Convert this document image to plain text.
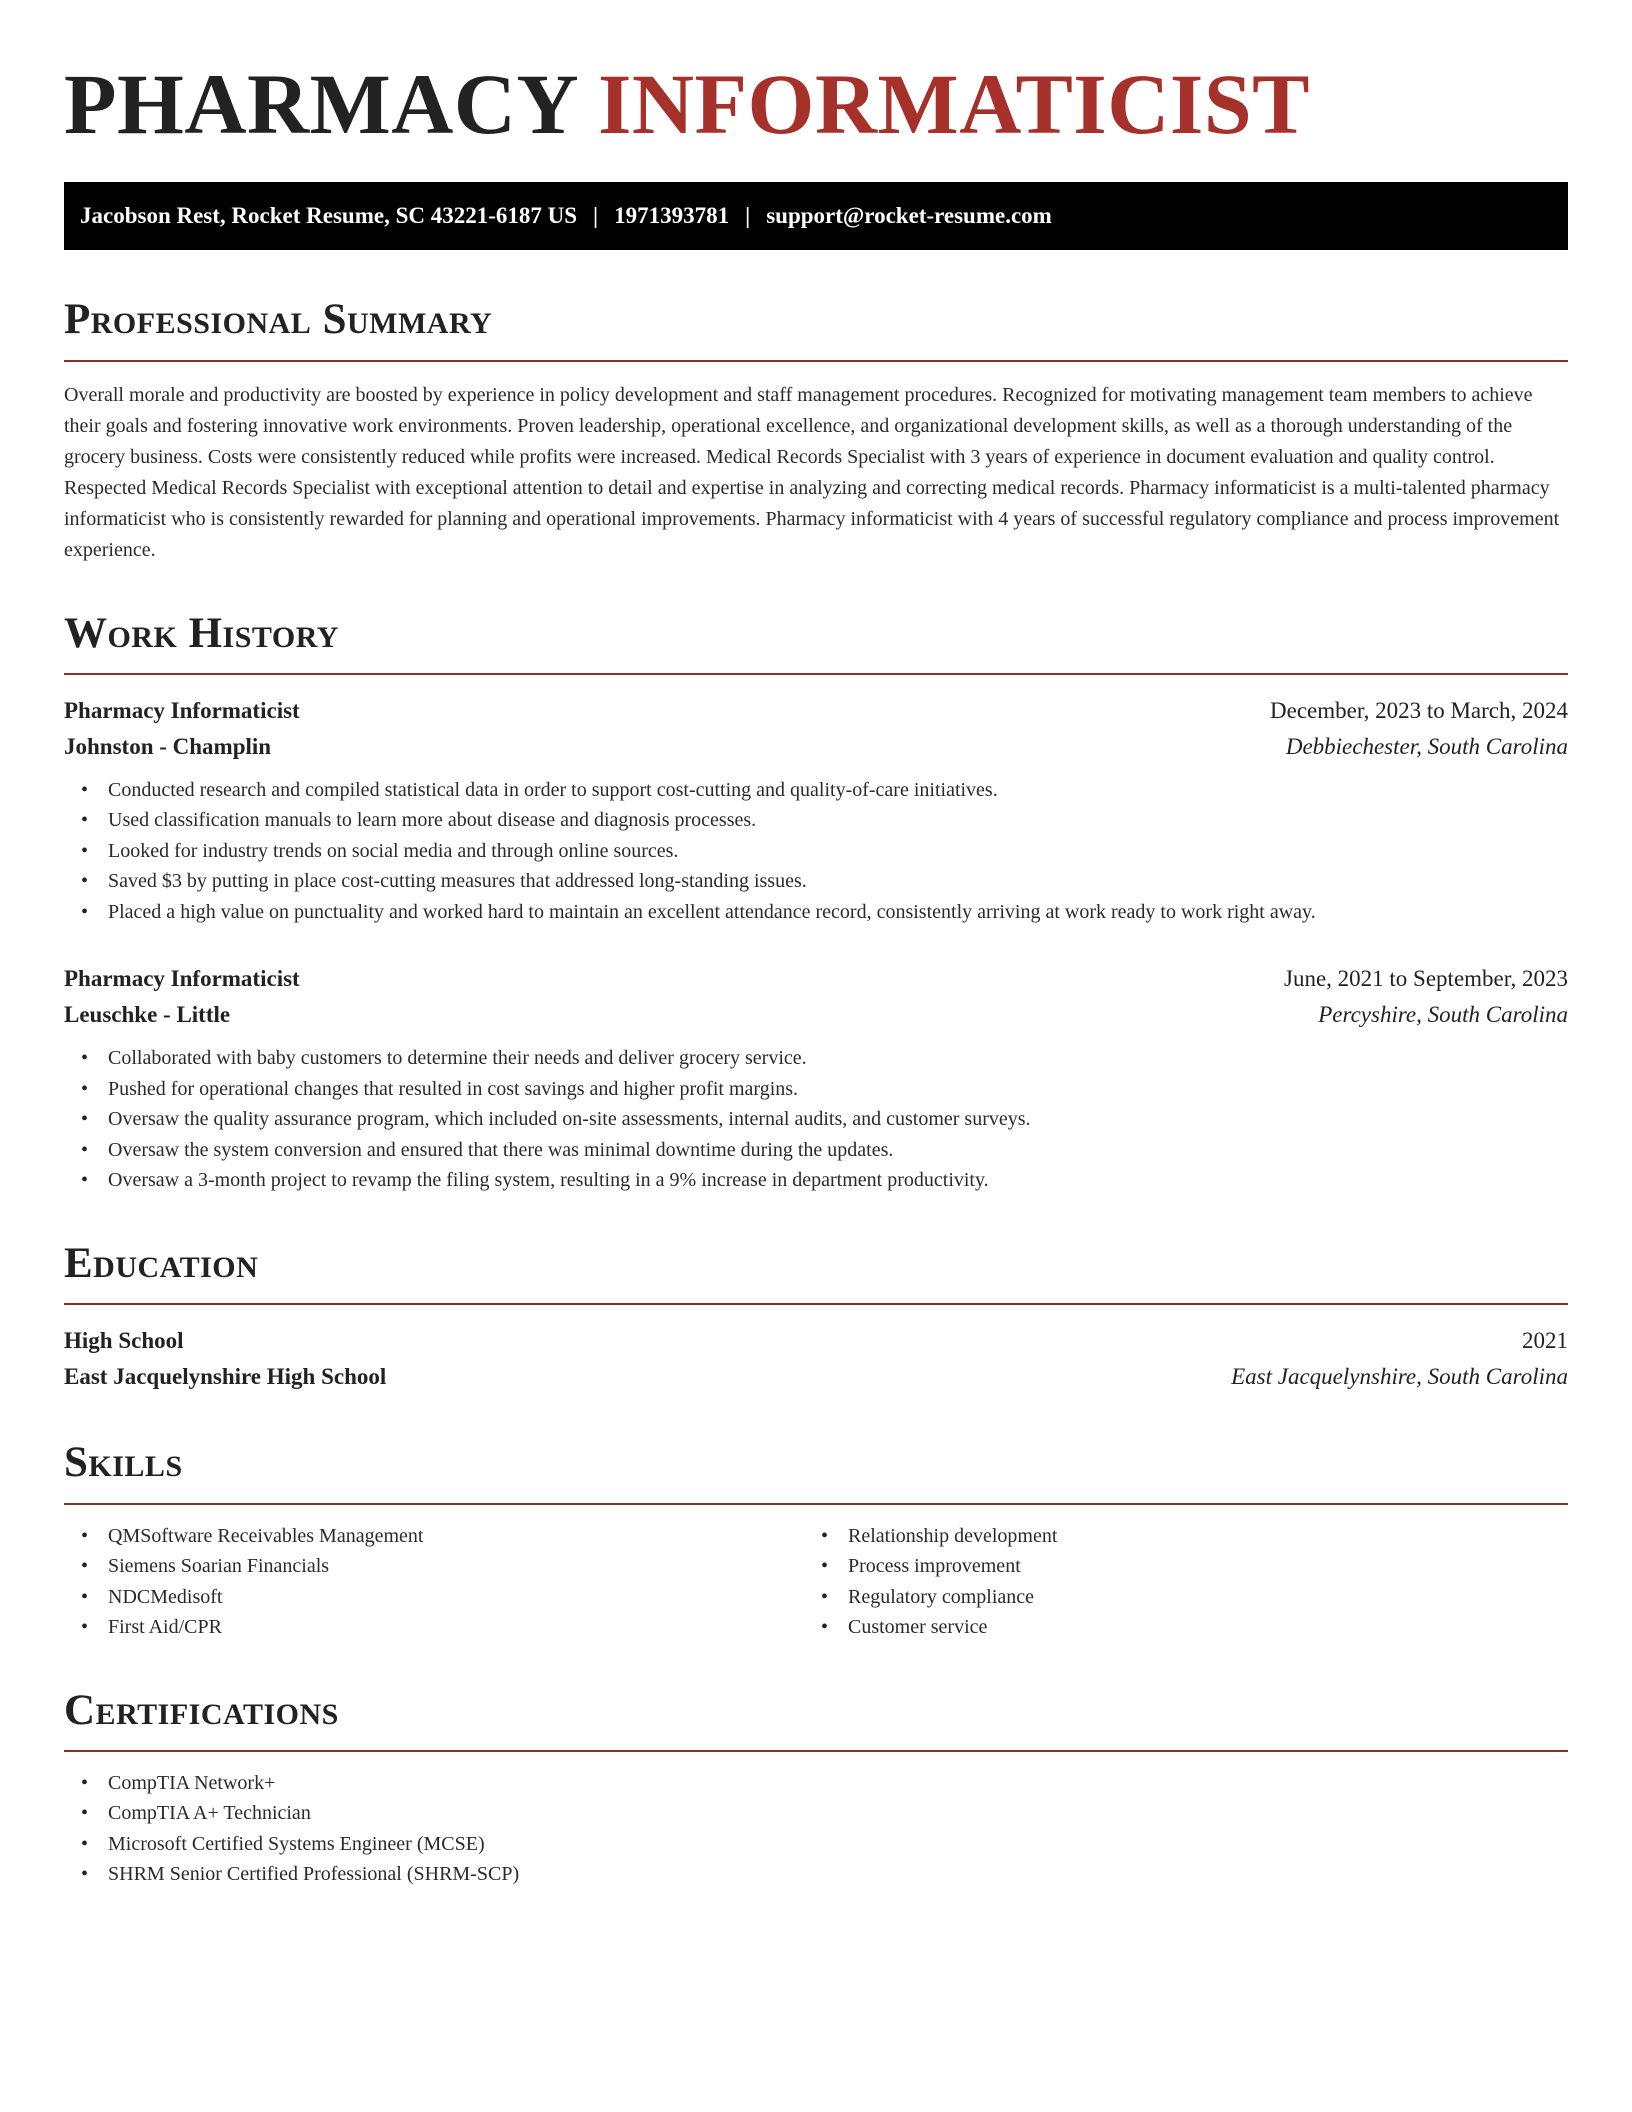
PHARMACY INFORMATICIST
Jacobson Rest, Rocket Resume, SC 43221-6187 US | 1971393781 | support@rocket-resume.com
Professional Summary

Overall morale and productivity are boosted by experience in policy development and staff management procedures. Recognized for motivating management team members to achieve their goals and fostering innovative work environments. Proven leadership, operational excellence, and organizational development skills, as well as a thorough understanding of the grocery business. Costs were consistently reduced while profits were increased. Medical Records Specialist with 3 years of experience in document evaluation and quality control. Respected Medical Records Specialist with exceptional attention to detail and expertise in analyzing and correcting medical records. Pharmacy informaticist is a multi-talented pharmacy informaticist who is consistently rewarded for planning and operational improvements. Pharmacy informaticist with 4 years of successful regulatory compliance and process improvement experience.

Work History
Pharmacy Informaticist	December, 2023 to March, 2024
Johnston - Champlin	Debbiechester, South Carolina
• Conducted research and compiled statistical data in order to support cost-cutting and quality-of-care initiatives.
• Used classification manuals to learn more about disease and diagnosis processes.
• Looked for industry trends on social media and through online sources.
• Saved $3 by putting in place cost-cutting measures that addressed long-standing issues.
• Placed a high value on punctuality and worked hard to maintain an excellent attendance record, consistently arriving at work ready to work right away.
Pharmacy Informaticist	June, 2021 to September, 2023
Leuschke - Little	Percyshire, South Carolina
• Collaborated with baby customers to determine their needs and deliver grocery service.
• Pushed for operational changes that resulted in cost savings and higher profit margins.
• Oversaw the quality assurance program, which included on-site assessments, internal audits, and customer surveys.
• Oversaw the system conversion and ensured that there was minimal downtime during the updates.
• Oversaw a 3-month project to revamp the filing system, resulting in a 9% increase in department productivity.
Education
High School	2021
East Jacquelynshire High School	East Jacquelynshire, South Carolina
Skills
• QMSoftware Receivables Management
• Siemens Soarian Financials
• NDCMedisoft
• First Aid/CPR
• Relationship development
• Process improvement
• Regulatory compliance
• Customer service
Certifications
• CompTIA Network+
• CompTIA A+ Technician
• Microsoft Certified Systems Engineer (MCSE)
• SHRM Senior Certified Professional (SHRM-SCP)
